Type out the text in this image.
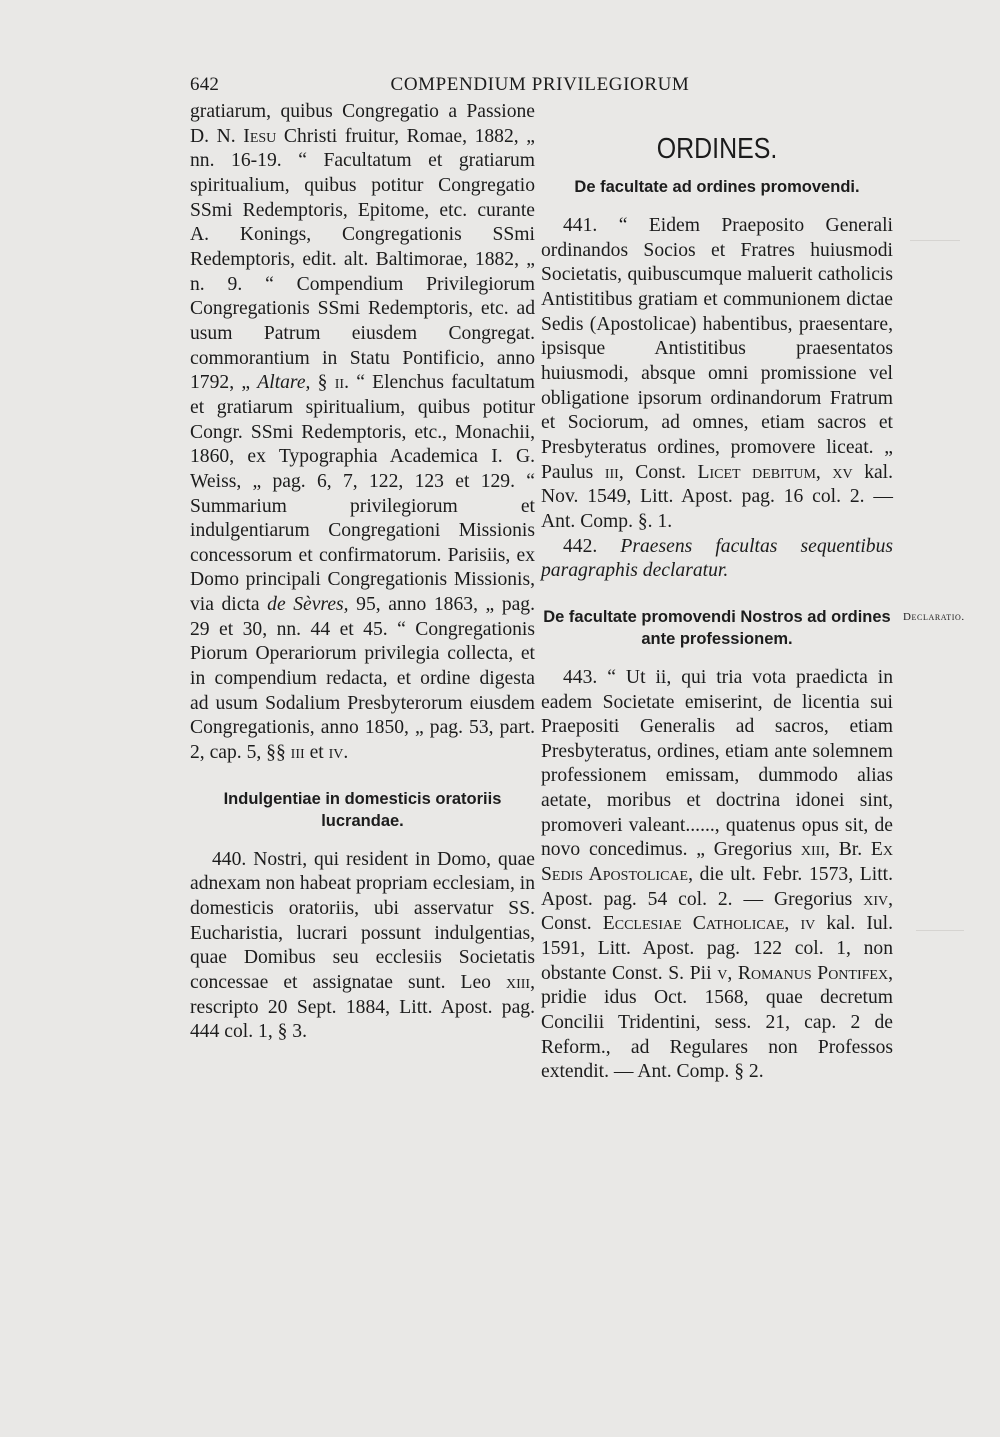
642	COMPENDIUM PRIVILEGIORUM

gratiarum, quibus Congregatio a Passione D. N. Iesu Christi fruitur, Romae, 1882, „ nn. 16-19. “ Facultatum et gratiarum spiritualium, quibus potitur Congregatio SSmi Redemptoris, Epitome, etc. curante A. Konings, Congregationis SSmi Redemptoris, edit. alt. Baltimorae, 1882, „ n. 9. “ Compendium Privilegiorum Congregationis SSmi Redemptoris, etc. ad usum Patrum eiusdem Congregat. commorantium in Statu Pontificio, anno 1792, „ Altare, § ii. “ Elenchus facultatum et gratiarum spiritualium, quibus potitur Congr. SSmi Redemptoris, etc., Monachii, 1860, ex Typographia Academica I. G. Weiss, „ pag. 6, 7, 122, 123 et 129. “ Summarium privilegiorum et indulgentiarum Congregationi Missionis concessorum et confirmatorum. Parisiis, ex Domo principali Congregationis Missionis, via dicta de Sèvres, 95, anno 1863, „ pag. 29 et 30, nn. 44 et 45. “ Congregationis Piorum Operariorum privilegia collecta, et in compendium redacta, et ordine digesta ad usum Sodalium Presbyterorum eiusdem Congregationis, anno 1850, „ pag. 53, part. 2, cap. 5, §§ iii et iv.

Indulgentiae in domesticis oratoriis lucrandae.

440. Nostri, qui resident in Domo, quae adnexam non habeat propriam ecclesiam, in domesticis oratoriis, ubi asservatur SS. Eucharistia, lucrari possunt indulgentias, quae Domibus seu ecclesiis Societatis concessae et assignatae sunt. Leo xiii, rescripto 20 Sept. 1884, Litt. Apost. pag. 444 col. 1, § 3.

ORDINES.
De facultate ad ordines promovendi.

441. “ Eidem Praeposito Generali ordinandos Socios et Fratres huiusmodi Societatis, quibuscumque maluerit catholicis Antistitibus gratiam et communionem dictae Sedis (Apostolicae) habentibus, praesentare, ipsisque Antistitibus praesentatos huiusmodi, absque omni promissione vel obligatione ipsorum ordinandorum Fratrum et Sociorum, ad omnes, etiam sacros et Presbyteratus ordines, promovere liceat. „ Paulus iii, Const. Licet debitum, xv kal. Nov. 1549, Litt. Apost. pag. 16 col. 2. — Ant. Comp. §. 1.

442. Praesens facultas sequentibus paragraphis declaratur.

De facultate promovendi Nostros ad ordines ante professionem.

443. “ Ut ii, qui tria vota praedicta in eadem Societate emiserint, de licentia sui Praepositi Generalis ad sacros, etiam Presbyteratus, ordines, etiam ante solemnem professionem emissam, dummodo alias aetate, moribus et doctrina idonei sint, promoveri valeant......, quatenus opus sit, de novo concedimus. „ Gregorius xiii, Br. Ex Sedis Apostolicae, die ult. Febr. 1573, Litt. Apost. pag. 54 col. 2. — Gregorius xiv, Const. Ecclesiae Catholicae, iv kal. Iul. 1591, Litt. Apost. pag. 122 col. 1, non obstante Const. S. Pii v, Romanus Pontifex, pridie idus Oct. 1568, quae decretum Concilii Tridentini, sess. 21, cap. 2 de Reform., ad Regulares non Professos extendit. — Ant. Comp. § 2.

Declaratio.
